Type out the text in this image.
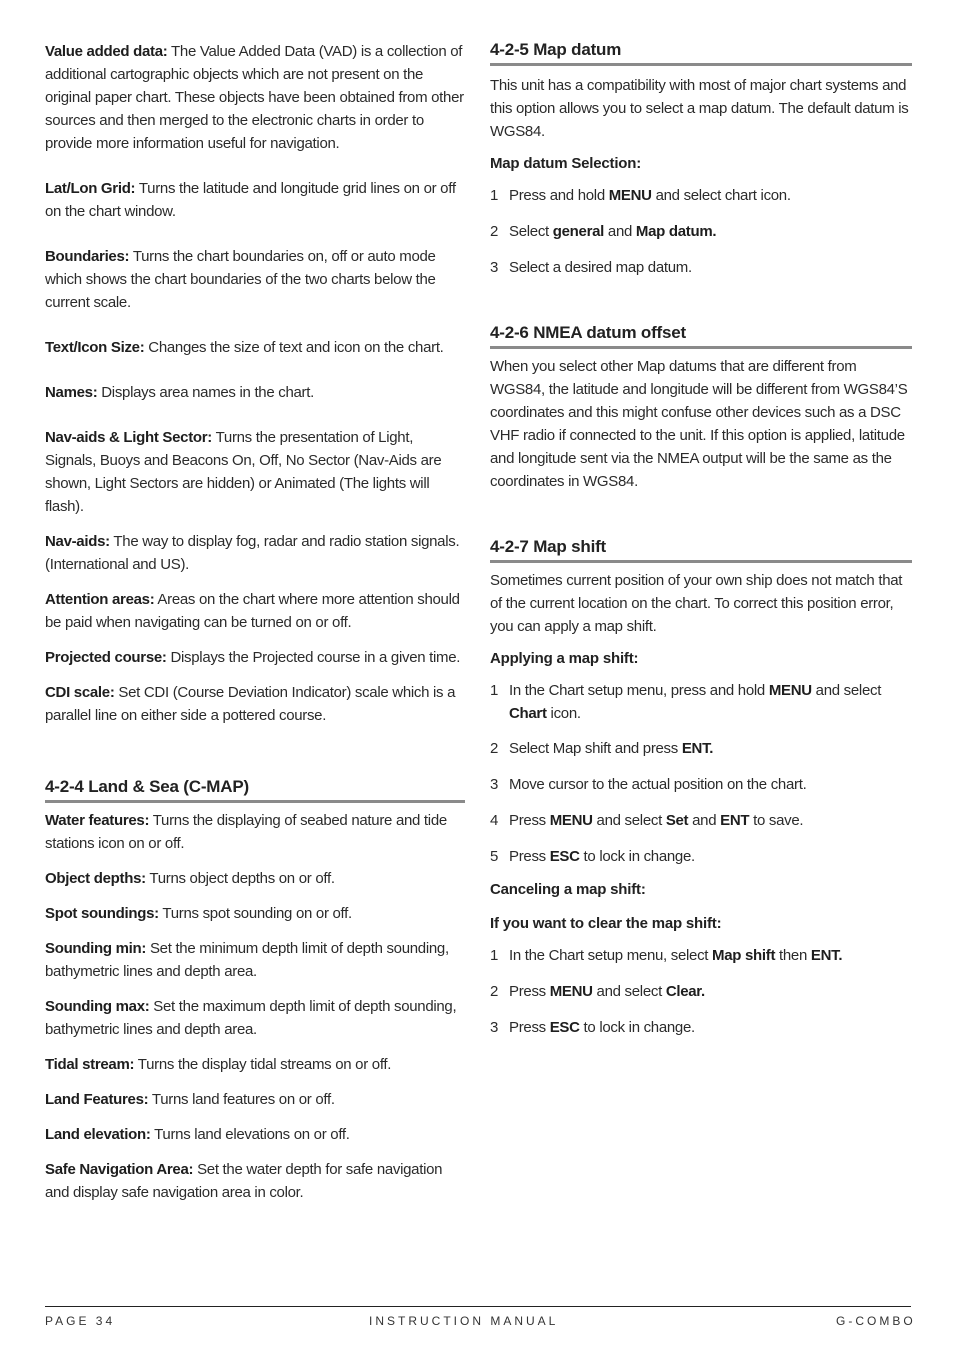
Value added data: The Value Added Data (VAD) is a collection of additional cartographic objects which are not present on the original paper chart. These objects have been obtained from other sources and then merged to the electronic charts in order to provide more information useful for navigation.

Lat/Lon Grid: Turns the latitude and longitude grid lines on or off on the chart window.

Boundaries: Turns the chart boundaries on, off or auto mode which shows the chart boundaries of the two charts below the current scale.

Text/Icon Size: Changes the size of text and icon on the chart.

Names: Displays area names in the chart.

Nav-aids & Light Sector: Turns the presentation of Light, Signals, Buoys and Beacons On, Off, No Sector (Nav-Aids are shown, Light Sectors are hidden) or Animated (The lights will flash).

Nav-aids: The way to display fog, radar and radio station signals. (International and US).

Attention areas: Areas on the chart where more attention should be paid when navigating can be turned on or off.

Projected course: Displays the Projected course in a given time.

CDI scale: Set CDI (Course Deviation Indicator) scale which is a parallel line on either side a pottered course.

4-2-4 Land & Sea (C-MAP)

Water features: Turns the displaying of seabed nature and tide stations icon on or off.

Object depths: Turns object depths on or off.

Spot soundings: Turns spot sounding on or off.

Sounding min: Set the minimum depth limit of depth sounding, bathymetric lines and depth area.

Sounding max: Set the maximum depth limit of depth sounding, bathymetric lines and depth area.

Tidal stream: Turns the display tidal streams on or off.

Land Features: Turns land features on or off.

Land elevation: Turns land elevations on or off.

Safe Navigation Area: Set the water depth for safe navigation and display safe navigation area in color.

4-2-5 Map datum

This unit has a compatibility with most of major chart systems and this option allows you to select a map datum. The default datum is WGS84.

Map datum Selection:

1 Press and hold MENU and select chart icon.

2 Select general and Map datum.

3 Select a desired map datum.

4-2-6 NMEA datum offset

When you select other Map datums that are different from WGS84, the latitude and longitude will be different from WGS84’S coordinates and this might confuse other devices such as a DSC VHF radio if connected to the unit. If this option is applied, latitude and longitude sent via the NMEA output will be the same as the coordinates in WGS84.

4-2-7 Map shift

Sometimes current position of your own ship does not match that of the current location on the chart. To correct this position error, you can apply a map shift.

Applying a map shift:

1 In the Chart setup menu, press and hold MENU and select Chart icon.

2 Select Map shift and press ENT.

3 Move cursor to the actual position on the chart.

4 Press MENU and select Set and ENT to save.

5 Press ESC to lock in change.

Canceling a map shift:

If you want to clear the map shift:

1 In the Chart setup menu, select Map shift then ENT.

2 Press MENU and select Clear.

3 Press ESC to lock in change.

PAGE 34	INSTRUCTION MANUAL	G-COMBO
